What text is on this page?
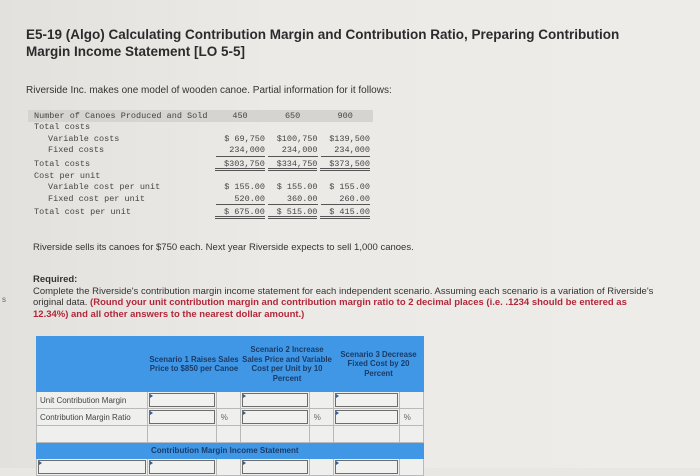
E5-19 (Algo) Calculating Contribution Margin and Contribution Ratio, Preparing Contribution Margin Income Statement [LO 5-5]
Riverside Inc. makes one model of wooden canoe. Partial information for it follows:
Number of Canoes Produced and Sold	450	650	900
Total costs
Variable costs	$ 69,750	$100,750	$139,500
Fixed costs	234,000	234,000	234,000
Total costs	$303,750	$334,750	$373,500
Cost per unit
Variable cost per unit	$ 155.00	$ 155.00	$ 155.00
Fixed cost per unit	520.00	360.00	260.00
Total cost per unit	$ 675.00	$ 515.00	$ 415.00
Riverside sells its canoes for $750 each. Next year Riverside expects to sell 1,000 canoes.
s
Required:
Complete the Riverside's contribution margin income statement for each independent scenario. Assuming each scenario is a variation of Riverside's original data. (Round your unit contribution margin and contribution margin ratio to 2 decimal places (i.e. .1234 should be entered as 12.34%) and all other answers to the nearest dollar amount.)
	Scenario 1 Raises Sales Price to $850 per Canoe		Scenario 2 Increase Sales Price and Variable Cost per Unit by 10 Percent		Scenario 3 Decrease Fixed Cost by 20 Percent	
Unit Contribution Margin	

Contribution Margin Ratio		%		%		%

	Contribution Margin Income Statement					
